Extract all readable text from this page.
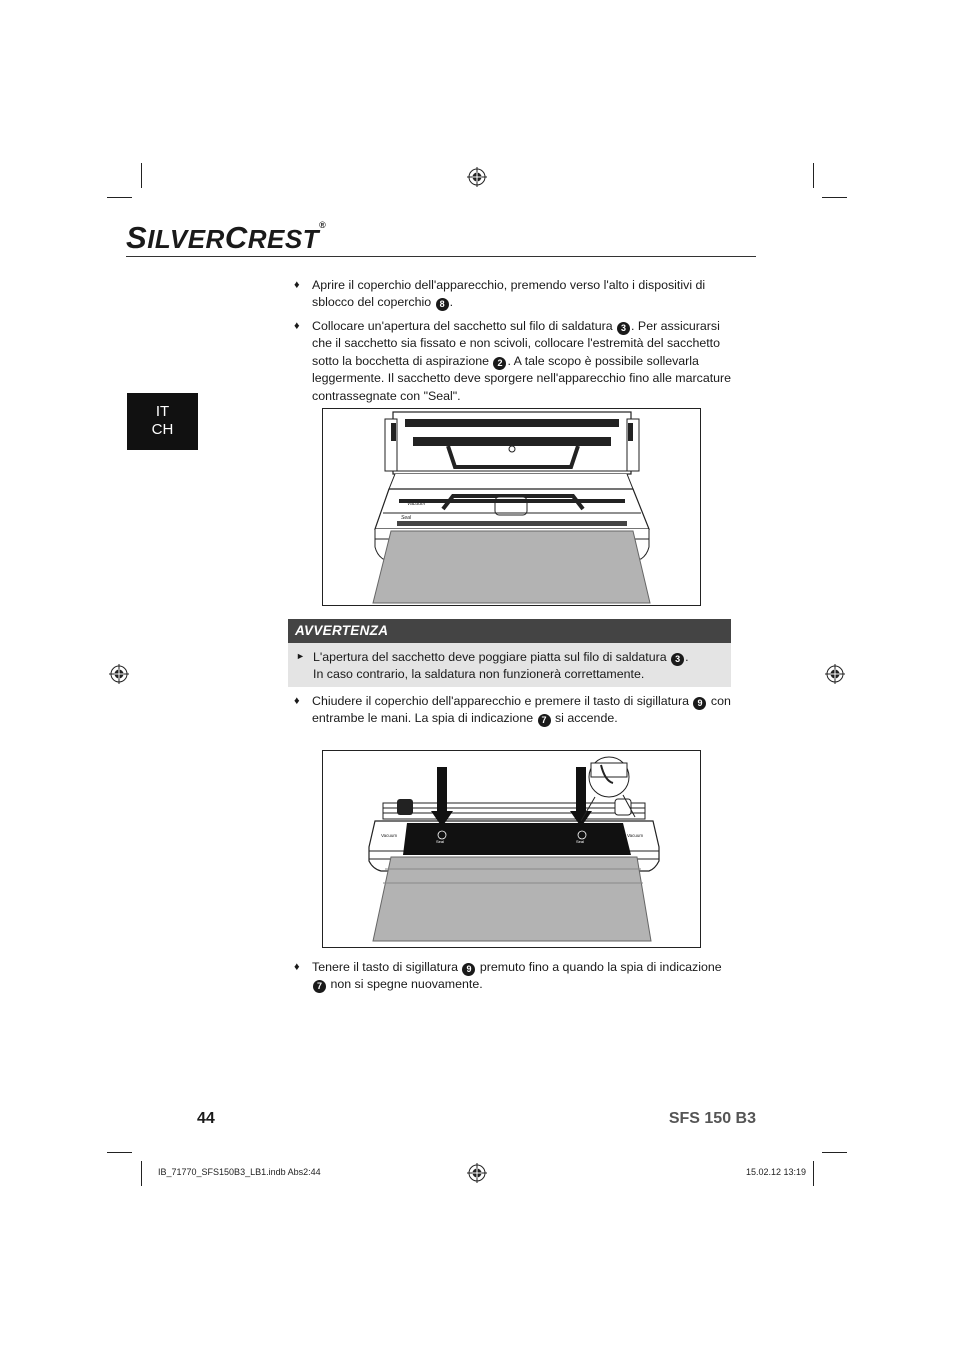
SILVERCREST®
IT
CH
♦ Aprire il coperchio dell'apparecchio, premendo verso l'alto i dispositivi di sblocco del coperchio 8 .
♦ Collocare un'apertura del sacchetto sul filo di saldatura 3 . Per assicurarsi che il sacchetto sia fissato e non scivoli, collocare l'estremità del sacchetto sotto la bocchetta di aspirazione 2 . A tale scopo è possibile sollevarla leggermente. Il sacchetto deve sporgere nell'apparecchio fino alle marcature contrassegnate con "Seal".
Vacuum
Seal
AVVERTENZA
► L'apertura del sacchetto deve poggiare piatta sul filo di saldatura 3 .
In caso contrario, la saldatura non funzionerà correttamente.
♦ Chiudere il coperchio dell'apparecchio e premere il tasto di sigillatura 9 con entrambe le mani. La spia di indicazione 7 si accende.
Vacuum	Vacuum
Seal	Seal
♦ Tenere il tasto di sigillatura 9 premuto fino a quando la spia di indicazione 7 non si spegne nuovamente.
44	SFS 150 B3
IB_71770_SFS150B3_LB1.indb Abs2:44	15.02.12 13:19
